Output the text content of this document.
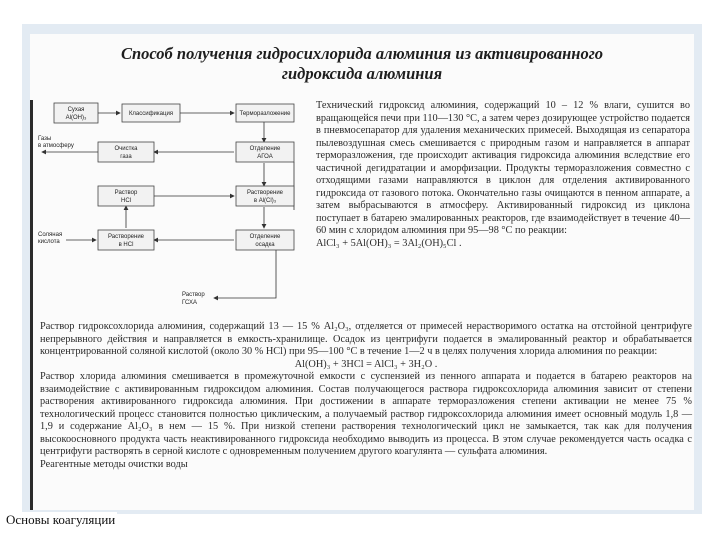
Способ получения гидросихлорида алюминия из активированного
гидроксида алюминия
Сухая
Al(OH)₃
Классификация	Терморазложение
Очистка
газа
Отделение
АГОА
Раствор
HCl
Растворение
в Al(Cl)₃
Растворение
в HCl
Отделение
осадка
Газы
в атмосферу
Соляная
кислота
Раствор
ГСХА
Технический гидроксид алюминия, содержащий 10 – 12 % влаги, сушится во вращающейся печи при 110—130 °С, а затем через дозирующее устройство подается в пневмосепаратор для удаления механических примесей. Выходящая из сепаратора пылевоздушная смесь смешивается с природным газом и направляется в аппарат терморазложения, где происходит активация гидроксида алюминия вследствие его частичной дегидратации и аморфизации. Продукты терморазложения совместно с отходящими газами направляются в циклон для отделения активированного гидроксида от газового потока. Окончательно газы очищаются в пенном аппарате, а затем выбрасываются в атмосферу. Активированный гидроксид из циклона поступает в батарею эмалированных реакторов, где взаимодействует в течение 40—60 мин с хлоридом алюминия при 95—98 °С по реакции:
AlCl₃ + 5Al(OH)₃ = 3Al₂(OH)₅Cl .
Раствор гидроксохлорида алюминия, содержащий 13 — 15 % Al₂O₃, отделяется от примесей нерастворимого остатка на отстойной центрифуге непрерывного действия и направляется в емкость-хранилище. Осадок из центрифуги подается в эмалированный реактор и обрабатывается концентрированной соляной кислотой (около 30 % HCl) при 95—100 °С в течение 1—2 ч в целях получения хлорида алюминия по реакции:
Al(OH)₃ + 3HCl = AlCl₃ + 3H₂O .
Раствор хлорида алюминия смешивается в промежуточной емкости с суспензией из пенного аппарата и подается в батарею реакторов на взаимодействие с активированным гидроксидом алюминия. Состав получающегося раствора гидроксохлорида алюминия зависит от степени растворения активированного гидроксида алюминия. При достижении в аппарате терморазложения степени активации не менее 75 % технологический процесс становится полностью циклическим, а получаемый раствор гидроксохлорида алюминия имеет основный модуль 1,8 — 1,9 и содержание Al₂O₃ в нем — 15 %. При низкой степени растворения технологический цикл не замыкается, так как для получения высокоосновного продукта часть неактивированного гидроксида необходимо выводить из процесса. В этом случае рекомендуется часть осадка с центрифуги растворять в серной кислоте с одновременным получением другого коагулянта — сульфата алюминия.
Реагентные методы очистки воды
Основы коагуляции
